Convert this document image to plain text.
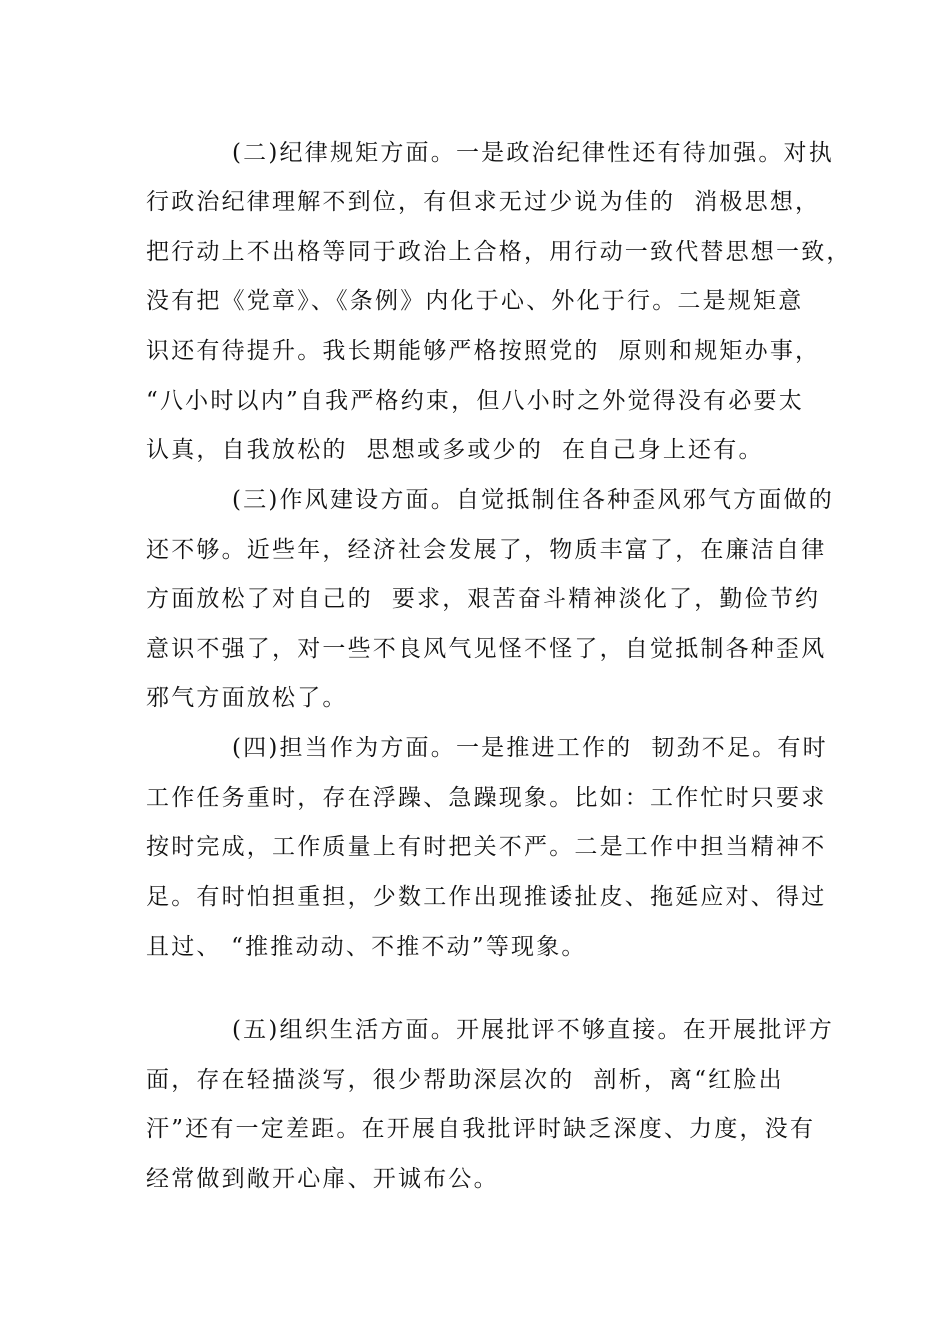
(二)纪律规矩方面。一是政治纪律性还有待加强。对执
行政治纪律理解不到位，有但求无过少说为佳的  消极思想，
把行动上不出格等同于政治上合格，用行动一致代替思想一致，
没有把《党章》、《条例》内化于心、外化于行。二是规矩意
识还有待提升。我长期能够严格按照党的  原则和规矩办事，
“八小时以内”自我严格约束，但八小时之外觉得没有必要太
认真，自我放松的  思想或多或少的  在自己身上还有。
(三)作风建设方面。自觉抵制住各种歪风邪气方面做的
还不够。近些年，经济社会发展了，物质丰富了，在廉洁自律
方面放松了对自己的  要求，艰苦奋斗精神淡化了，勤俭节约
意识不强了，对一些不良风气见怪不怪了，自觉抵制各种歪风
邪气方面放松了。
(四)担当作为方面。一是推进工作的  韧劲不足。有时
工作任务重时，存在浮躁、急躁现象。比如：工作忙时只要求
按时完成，工作质量上有时把关不严。二是工作中担当精神不
足。有时怕担重担，少数工作出现推诿扯皮、拖延应对、得过
且过、 “推推动动、不推不动”等现象。
(五)组织生活方面。开展批评不够直接。在开展批评方
面，存在轻描淡写，很少帮助深层次的  剖析，离“红脸出
汗”还有一定差距。在开展自我批评时缺乏深度、力度，没有
经常做到敞开心扉、开诚布公。
